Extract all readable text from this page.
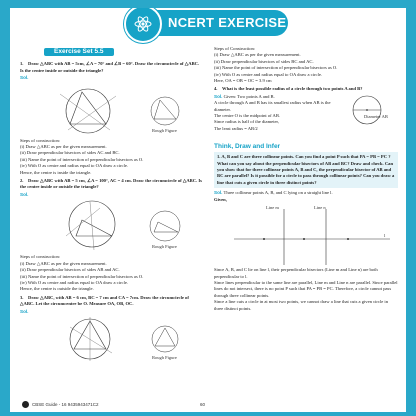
NCERT EXERCISE
Exercise Set 5.5

1. Draw △ABC with AB = 5cm, ∠A = 70° and ∠B = 60°. Draw the circumcircle of △ABC. Is the centre inside or outside the triangle?

Sol.

Rough Figure

Steps of construction:

(i) Draw △ABC as per the given measurement.

(ii) Draw perpendicular bisectors of sides AC and BC.

(iii) Name the point of intersection of perpendicular bisectors as O.

(iv) With O as centre and radius equal to OA draw a circle.

Hence, the centre is inside the triangle.

2. Draw △ABC with AB = 5 cm, ∠A = 100°, AC = 4 cm. Draw the circumcircle of △ABC. Is the centre inside or outside the triangle?

Sol.

Rough Figure

Steps of construction:

(i) Draw △ABC as per the given measurement.

(ii) Draw perpendicular bisectors of sides AB and AC.

(iii) Name the point of intersection of perpendicular bisectors as O.

(iv) With O as centre and radius equal to OA draw a circle.

Hence, the centre is outside the triangle.

3. Draw △ABC, with AB = 6 cm, BC = 7 cm and CA = 7cm. Draw the circumcircle of △ABC. Let the circumcentre be O. Measure OA, OB, OC.

Sol.

Rough Figure

Steps of Construction:

(i) Draw △ABC as per the given measurement.

(ii) Draw perpendicular bisectors of sides BC and AC.

(iii) Name the point of intersection of perpendicular bisectors as O.

(iv) With O as centre and radius equal to OA draw a circle.

Here, OA = OB = OC = 3.9 cm

4. What is the least possible radius of a circle through two points A and B?

Sol. Given: Two points A and B.

A circle through A and B has its smallest radius when AB is the diameter.

The centre O is the midpoint of AB.

Since radius is half of the diameter,

The least radius = AB/2

Diameter AB
Think, Draw and Infer
1. A, B and C are three collinear points. Can you find a point P such that PA = PB = PC ? What can you say about the perpendicular bisectors of AB and BC? Draw and check. Can you show that for three collinear points A, B and C, the perpendicular bisector of AB and BC are parallel? Is it possible for a circle to pass through collinear points? Can you draw a line that cuts a given circle in three distinct points?

Sol. Three collinear points A, B, and C lying on a straight line l.

Given,

Line m	Line n
l

Since A, B, and C lie on line l, their perpendicular bisectors (Line m and Line n) are both perpendicular to l.

Since lines perpendicular to the same line are parallel, Line m and Line n are parallel. Since parallel lines do not intersect, there is no point P such that PA = PB = PC. Therefore, a circle cannot pass through three collinear points.

Since a line cuts a circle in at most two points, we cannot draw a line that cuts a given circle in three distinct points.

CBSE Guide - 16 9435943471C2	60
